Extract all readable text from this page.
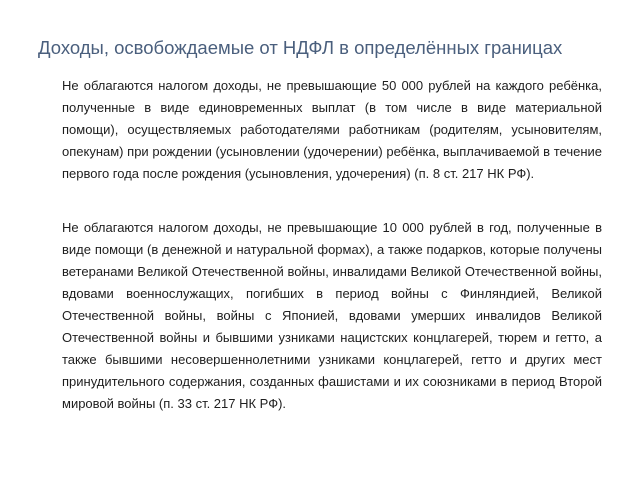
Доходы, освобождаемые от НДФЛ в определённых границах

Не облагаются налогом доходы, не превышающие 50 000 рублей на каждого ребёнка, полученные в виде единовременных выплат (в том числе в виде материальной помощи), осуществляемых работодателями работникам (родителям, усыновителям, опекунам) при рождении (усыновлении (удочерении) ребёнка, выплачиваемой в течение первого года после рождения (усыновления, удочерения) (п. 8 ст. 217 НК РФ).

Не облагаются налогом доходы, не превышающие 10 000 рублей в год, полученные в виде помощи (в денежной и натуральной формах), а также подарков, которые получены ветеранами Великой Отечественной войны, инвалидами Великой Отечественной войны, вдовами военнослужащих, погибших в период войны с Финляндией, Великой Отечественной войны, войны с Японией, вдовами умерших инвалидов Великой Отечественной войны и бывшими узниками нацистских концлагерей, тюрем и гетто, а также бывшими несовершеннолетними узниками концлагерей, гетто и других мест принудительного содержания, созданных фашистами и их союзниками в период Второй мировой войны (п. 33 ст. 217 НК РФ).
